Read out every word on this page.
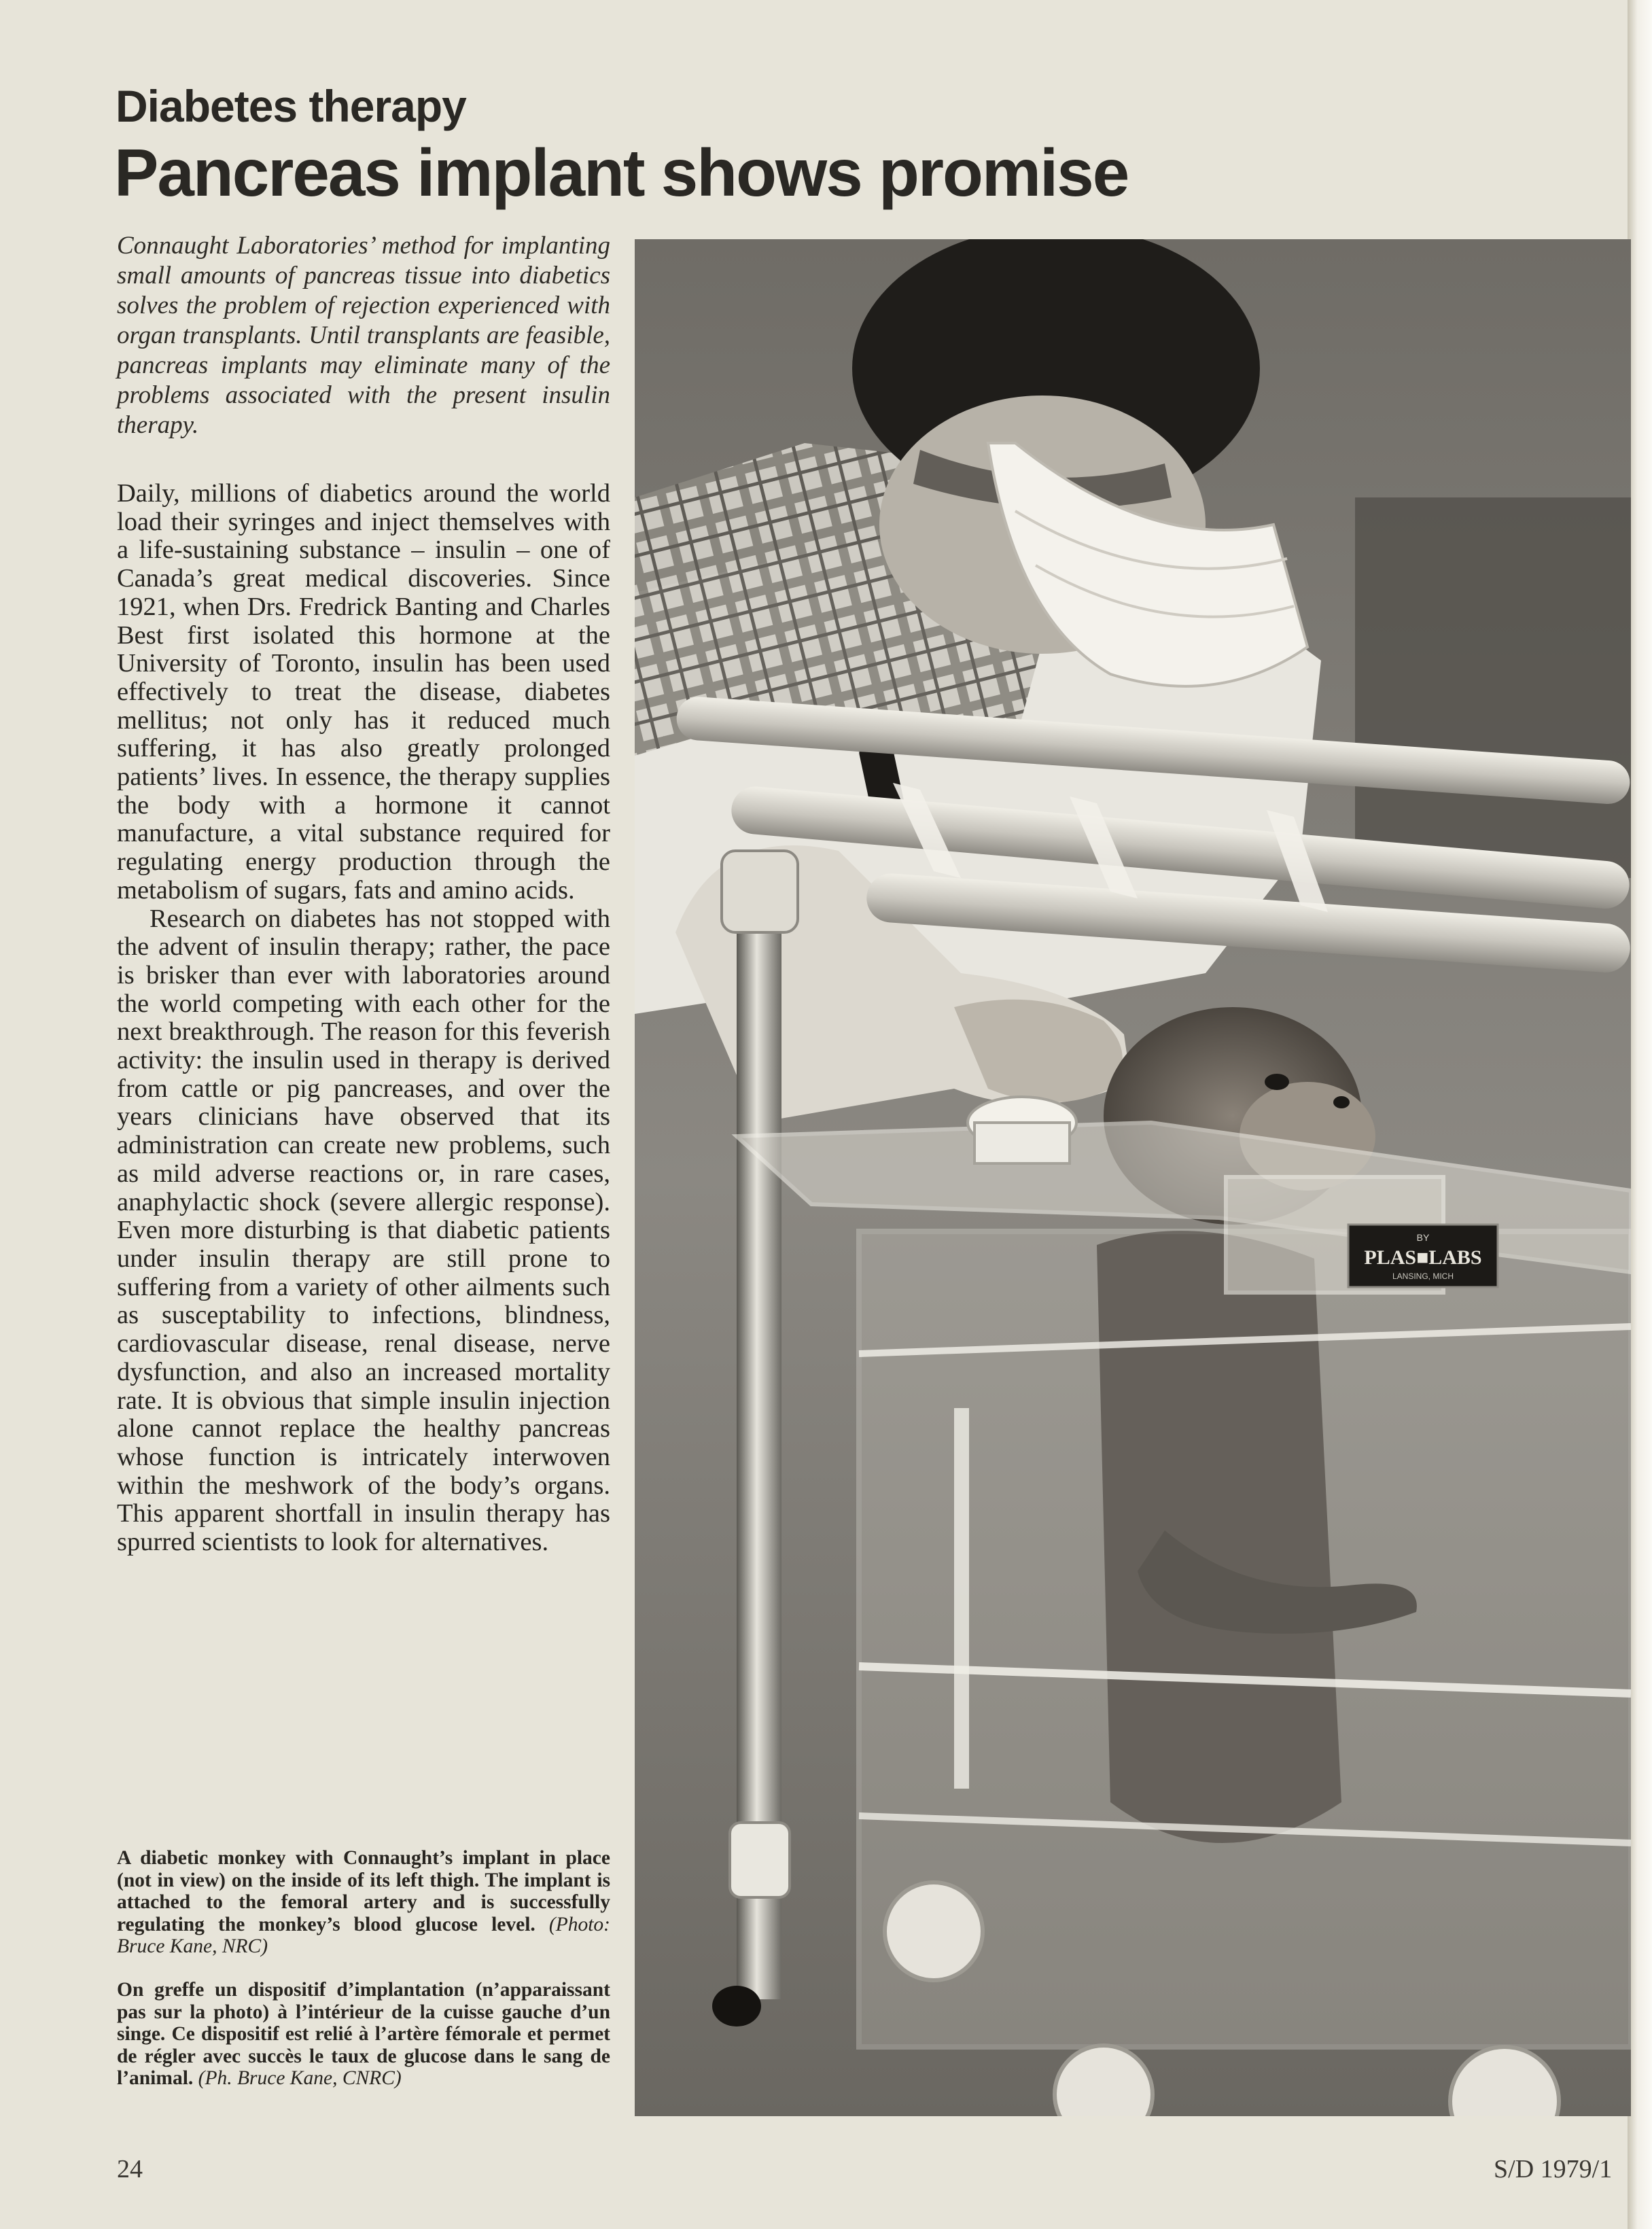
Diabetes therapy
Pancreas implant shows promise
Connaught Laboratories’ method for implanting small amounts of pancreas tissue into diabetics solves the problem of rejection experienced with organ transplants. Until transplants are feasible, pancreas implants may eliminate many of the problems associated with the present insulin therapy.

Daily, millions of diabetics around the world load their syringes and inject themselves with a life-sustaining substance – insulin – one of Canada’s great medical discoveries. Since 1921, when Drs. Fredrick Banting and Charles Best first isolated this hormone at the University of Toronto, insulin has been used effectively to treat the disease, diabetes mellitus; not only has it reduced much suffering, it has also greatly prolonged patients’ lives. In essence, the therapy supplies the body with a hormone it cannot manufacture, a vital substance required for regulating energy production through the metabolism of sugars, fats and amino acids.

Research on diabetes has not stopped with the advent of insulin therapy; rather, the pace is brisker than ever with laboratories around the world competing with each other for the next breakthrough. The reason for this feverish activity: the insulin used in therapy is derived from cattle or pig pancreases, and over the years clinicians have observed that its administration can create new problems, such as mild adverse reactions or, in rare cases, anaphylactic shock (severe allergic response). Even more disturbing is that diabetic patients under insulin therapy are still prone to suffering from a variety of other ailments such as susceptability to infections, blindness, cardiovascular disease, renal disease, nerve dysfunction, and also an increased mortality rate. It is obvious that simple insulin injection alone cannot replace the healthy pancreas whose function is intricately interwoven within the meshwork of the body’s organs. This apparent shortfall in insulin therapy has spurred scientists to look for alternatives.

A diabetic monkey with Connaught’s implant in place (not in view) on the inside of its left thigh. The implant is attached to the femoral artery and is successfully regulating the monkey’s blood glucose level. (Photo: Bruce Kane, NRC)
On greffe un dispositif d’implantation (n’apparaissant pas sur la photo) à l’intérieur de la cuisse gauche d’un singe. Ce dispositif est relié à l’artère fémorale et permet de régler avec succès le taux de glucose dans le sang de l’animal. (Ph. Bruce Kane, CNRC)
24	S/D 1979/1
BY
PLAS■LABS
LANSING, MICH
